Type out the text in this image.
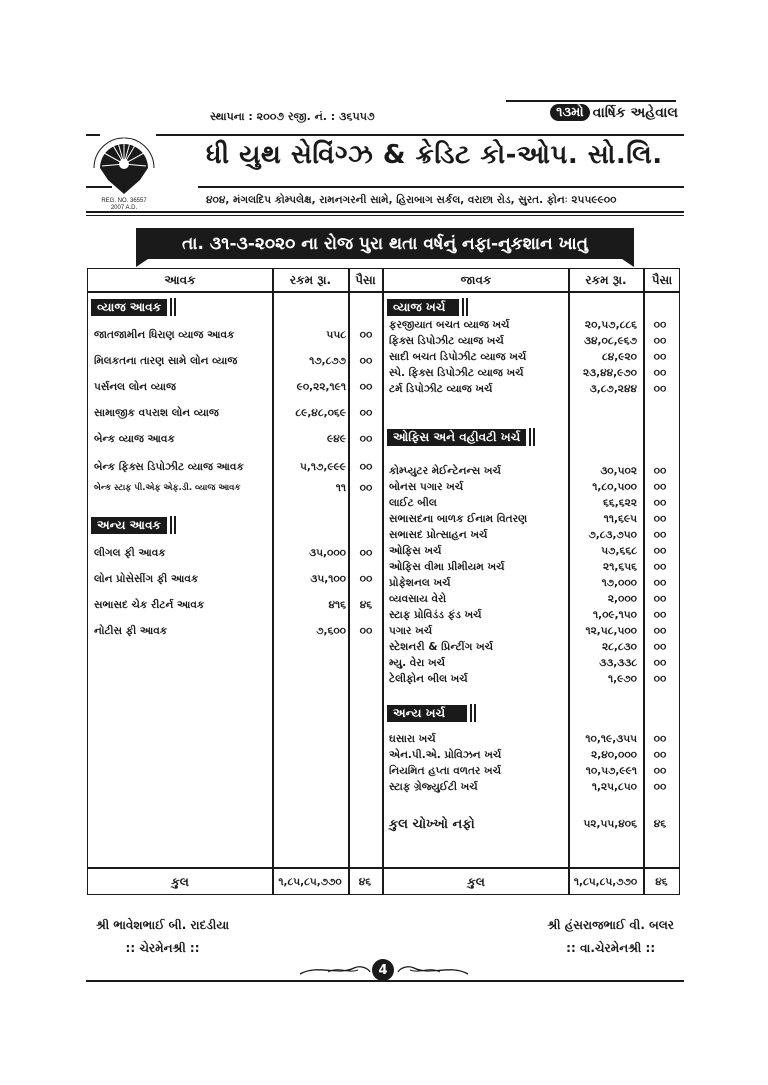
REG. NO. 36557
2007 A.D.
સ્થાપના : ૨૦૦૭ રજી. નં. : ૩૬૫૫૭	૧૩મો વાર્ષિક અહેવાલ
ધી યુથ સેવિંગ્ઝ & ક્રેડિટ કો-ઓપ. સો.લિ.
૪૦૪, મંગલદિપ કોમ્પલેક્ષ, રામનગરની સામે, હિરાબાગ સર્કલ, વરાછા રોડ, સુરત. ફોનઃ ૨૫૫૯૯૦૦
તા. ૩૧-૩-૨૦૨૦ ના રોજ પુરા થતા વર્ષનું નફા-નુકશાન ખાતુ
આવક	રકમ રૂા.	પૈસા	જાવક	રકમ રૂા.	પૈસા
વ્યાજ આવક
જાતજામીન ધિરાણ વ્યાજ આવક	૫૫૮	૦૦
મિલકતના તારણ સામે લોન વ્યાજ	૧૭,૮૭૭	૦૦
પર્સનલ લોન વ્યાજ	૯૦,૨૨,૧૯૧	૦૦
સામાજીક વપરાશ લોન વ્યાજ	૮૯,૪૮,૦૬૯	૦૦
બેન્ક વ્યાજ આવક	૯૪૯	૦૦
બેન્ક ફિક્સ ડિપોઝીટ વ્યાજ આવક	૫,૧૭,૯૯૯	૦૦
બેન્ક સ્ટાફ પી.એફ એફ.ડી. વ્યાજ આવક	૧૧	૦૦
અન્ય આવક
લીગલ ફી આવક	૩૫,૦૦૦	૦૦
લોન પ્રોસેસીંગ ફી આવક	૩૫,૧૦૦	૦૦
સભાસદ ચેક રીટર્ન આવક	૪૧૬	૪૬
નોટીસ ફી આવક	૭,૬૦૦	૦૦
વ્યાજ ખર્ચ
ફરજીયાત બચત વ્યાજ ખર્ચ	૨૦,૫૭,૮૮૬	૦૦
ફિક્સ ડિપોઝીટ વ્યાજ ખર્ચ	૩૪,૦૮,૯૬૭	૦૦
સાદી બચત ડિપોઝીટ વ્યાજ ખર્ચ	૮૪,૯૨૦	૦૦
સ્પે. ફિક્સ ડિપોઝીટ વ્યાજ ખર્ચ	૨૩,૪૪,૯૭૦	૦૦
ટર્મ ડિપોઝીટ વ્યાજ ખર્ચ	૩,૮૭,૨૪૪	૦૦
ઓફિસ અને વહીવટી ખર્ચ
કોમ્પ્યુટર મેઈન્ટેનન્સ ખર્ચ	૩૦,૫૦૨	૦૦
બોનસ પગાર ખર્ચ	૧,૮૦,૫૦૦	૦૦
લાઈટ બીલ	૬૬,૬૨૨	૦૦
સભાસદના બાળક ઈનામ વિતરણ	૧૧,૬૯૫	૦૦
સભાસદ પ્રોત્સાહન ખર્ચ	૭,૮૩,૭૫૦	૦૦
ઓફિસ ખર્ચ	૫૭,૬૬૮	૦૦
ઓફિસ વીમા પ્રીમીયમ ખર્ચ	૨૧,૬૫૬	૦૦
પ્રોફેશનલ ખર્ચ	૧૭,૦૦૦	૦૦
વ્યવસાય વેરો	૨,૦૦૦	૦૦
સ્ટાફ પ્રોવિડંડ ફંડ ખર્ચ	૧,૦૯,૧૫૦	૦૦
પગાર ખર્ચ	૧૨,૫૮,૫૦૦	૦૦
સ્ટેશનરી & પ્રિન્ટીંગ ખર્ચ	૨૮,૮૩૦	૦૦
મ્યુ. વેરા ખર્ચ	૩૩,૩૩૮	૦૦
ટેલીફોન બીલ ખર્ચ	૧,૯૭૦	૦૦
અન્ય ખર્ચ
ઘસારા ખર્ચ	૧૦,૧૯,૩૫૫	૦૦
એન.પી.એ. પ્રોવિઝન ખર્ચ	૨,૪૦,૦૦૦	૦૦
નિયમિત હપ્તા વળતર ખર્ચ	૧૦,૫૭,૯૯૧	૦૦
સ્ટાફ ગ્રેજ્યુઈટી ખર્ચ	૧,૨૫,૮૫૦	૦૦
કુલ ચોખ્ખો નફો	૫૨,૫૫,૪૦૬	૪૬
કુલ	૧,૮૫,૮૫,૭૭૦	૪૬	કુલ	૧,૮૫,૮૫,૭૭૦	૪૬
શ્રી ભાવેશભાઈ બી. રાદડીયા
:: ચેરમેનશ્રી ::
શ્રી હંસરાજભાઈ વી. બલર
:: વા.ચેરમેનશ્રી ::
4
